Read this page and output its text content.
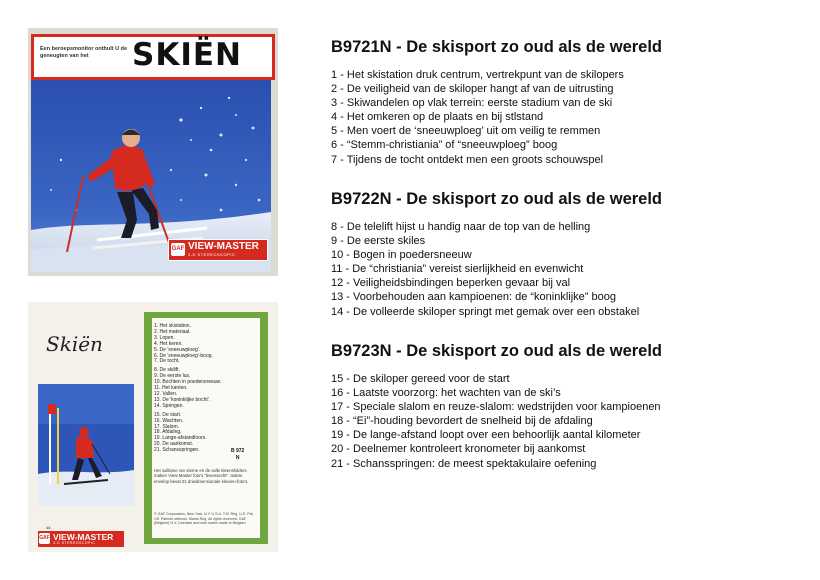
Een beroepsmonitor onthult U de geneugten van het	SKIËN
GAF VIEW-MASTER
3-D STEREOSCOPIC
Skiën
1. Het skistation.
2. Het materiaal.
3. Lopen.
4. Het keren.
5. De 'sneeuwploeg'.
6. De 'sneeuwploeg'-boog.
7. De tocht.
8. De skilift.
9. De eerste lus.
10. Bochten in poedersneeuw.
11. Het kanten.
12. Vallen.
13. De 'koninklijke bocht'.
14. Springen.
15. De start.
16. Wachten.
17. Slalom.
18. Afdaling.
19. Lange-afstandloors.
20. De aankomst.
21. Schansspringen.	B 972
N
Het vuillame ran sterne en de solle kleensfolders maken View-Master foto's "levensecht". Iedere envelop bevat 21 driedimensionale kleuren-foto's.
© GAF Corporation, New York, N.Y. U.S.A. T.M. Reg. U.S. Pat. Off. Patente obtenus. Marks Reg. All rights reserved. GAF (Belgium) N.V. Licensee and sole marks made in Belgium.
48
GAF VIEW-MASTER
3-D STEREOSCOPIC
B9721N - De skisport zo oud als de wereld
1 - Het skistation druk centrum, vertrekpunt van de skilopers
2 - De veiligheid van de skiloper hangt af van de uitrusting
3 - Skiwandelen op vlak terrein: eerste stadium van de ski
4 - Het omkeren op de plaats en bij stlstand
5 - Men voert de ‘sneeuwploeg’ uit om veilig te remmen
6 - “Stemm-christiania” of “sneeuwploeg” boog
7 - Tijdens de tocht ontdekt men een groots schouwspel
B9722N - De skisport zo oud als de wereld
8 - De telelift hijst u handig naar de top van de helling
9 - De eerste skiles
10 - Bogen in poedersneeuw
11 - De “christiania” vereist sierlijkheid en evenwicht
12 - Veiligheidsbindingen beperken gevaar bij val
13 - Voorbehouden aan kampioenen: de “koninklijke” boog
14 - De volleerde skiloper springt met gemak over een obstakel
B9723N - De skisport zo oud als de wereld
15 - De skiloper gereed voor de start
16 - Laatste voorzorg: het wachten van de ski’s
17 - Speciale slalom en reuze-slalom: wedstrijden voor kampioenen
18 - “Ei”-houding bevordert de snelheid bij de afdaling
19 - De lange-afstand loopt over een behoorlijk aantal kilometer
20 - Deelnemer kontroleert kronometer bij aankomst
21 - Schansspringen: de meest spektakulaire oefening
